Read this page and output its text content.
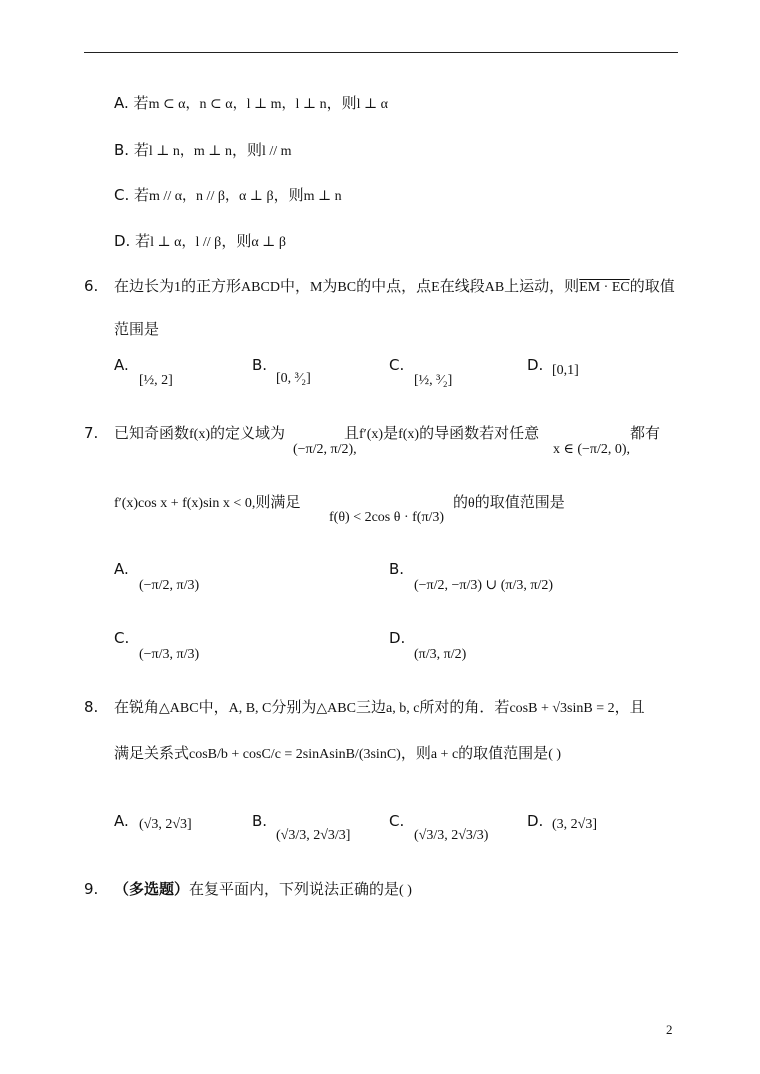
A. 若m ⊂ α，n ⊂ α，l ⊥ m，l ⊥ n，则l ⊥ α
B. 若l ⊥ n，m ⊥ n，则l // m
C. 若m // α，n // β，α ⊥ β，则m ⊥ n
D. 若l ⊥ α，l // β，则α ⊥ β
6. 在边长为1的正方形ABCD中，M为BC的中点，点E在线段AB上运动，则EM · EC的取值
范围是
A.
[½, 2]
B.
[0, ³⁄₂]
C.
[½, ³⁄₂]
D. [0,1]
7. 已知奇函数f(x)的定义域为
(−π/2, π/2),
且f′(x)是f(x)的导函数若对任意
x ∈ (−π/2, 0),
都有
f′(x)cos x + f(x)sin x < 0,则满足
f(θ) < 2cos θ · f(π/3)
的θ的取值范围是
A.
(−π/2, π/3)
B.
(−π/2, −π/3) ∪ (π/3, π/2)
C.
(−π/3, π/3)
D.
(π/3, π/2)
8. 在锐角△ABC中，A, B, C分别为△ABC三边a, b, c所对的角．若cosB + √3sinB = 2，且
满足关系式cosB/b + cosC/c = 2sinAsinB/(3sinC)，则a + c的取值范围是( )
A. (√3, 2√3]	B.
(√3/3, 2√3/3]
C.
(√3/3, 2√3/3)
D. (3, 2√3]
9. （多选题）在复平面内，下列说法正确的是( )
2
